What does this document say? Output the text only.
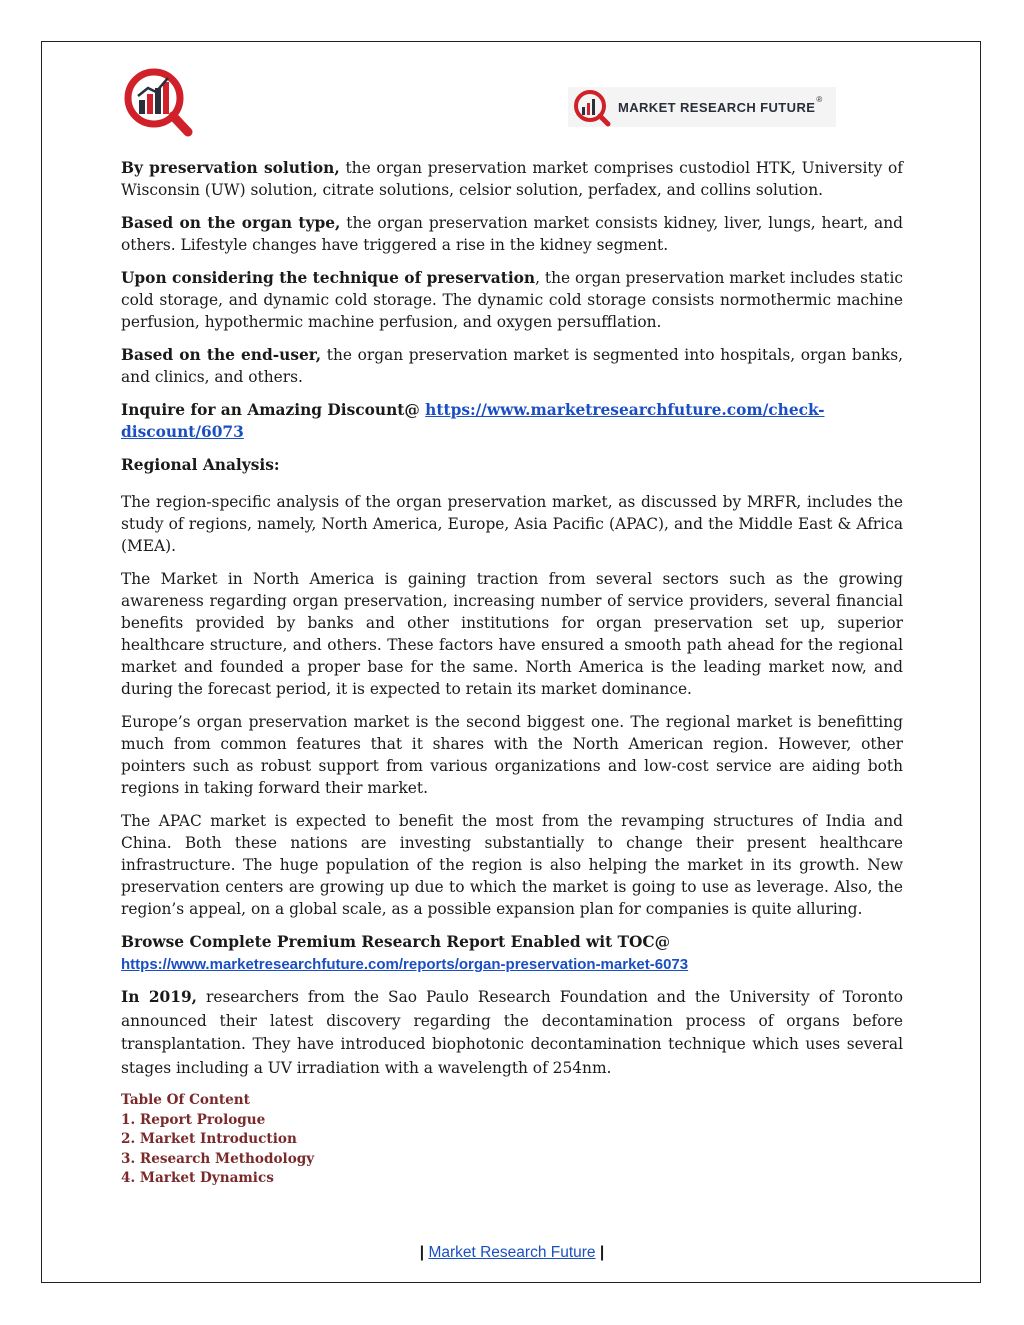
MARKET RESEARCH FUTURE
®

By preservation solution, the organ preservation market comprises custodiol HTK, University of Wisconsin (UW) solution, citrate solutions, celsior solution, perfadex, and collins solution.

Based on the organ type, the organ preservation market consists kidney, liver, lungs, heart, and others. Lifestyle changes have triggered a rise in the kidney segment.

Upon considering the technique of preservation, the organ preservation market includes static cold storage, and dynamic cold storage. The dynamic cold storage consists normothermic machine perfusion, hypothermic machine perfusion, and oxygen persufflation.

Based on the end-user, the organ preservation market is segmented into hospitals, organ banks, and clinics, and others.

Inquire for an Amazing Discount@ https://www.marketresearchfuture.com/check-discount/6073

Regional Analysis:

The region-specific analysis of the organ preservation market, as discussed by MRFR, includes the study of regions, namely, North America, Europe, Asia Pacific (APAC), and the Middle East & Africa (MEA).

The Market in North America is gaining traction from several sectors such as the growing awareness regarding organ preservation, increasing number of service providers, several financial benefits provided by banks and other institutions for organ preservation set up, superior healthcare structure, and others. These factors have ensured a smooth path ahead for the regional market and founded a proper base for the same. North America is the leading market now, and during the forecast period, it is expected to retain its market dominance.

Europe’s organ preservation market is the second biggest one. The regional market is benefitting much from common features that it shares with the North American region. However, other pointers such as robust support from various organizations and low-cost service are aiding both regions in taking forward their market.

The APAC market is expected to benefit the most from the revamping structures of India and China. Both these nations are investing substantially to change their present healthcare infrastructure. The huge population of the region is also helping the market in its growth. New preservation centers are growing up due to which the market is going to use as leverage. Also, the region’s appeal, on a global scale, as a possible expansion plan for companies is quite alluring.

Browse Complete Premium Research Report Enabled wit TOC@
https://www.marketresearchfuture.com/reports/organ-preservation-market-6073

In 2019, researchers from the Sao Paulo Research Foundation and the University of Toronto announced their latest discovery regarding the decontamination process of organs before transplantation. They have introduced biophotonic decontamination technique which uses several stages including a UV irradiation with a wavelength of 254nm.

Table Of Content
1. Report Prologue
2. Market Introduction
3. Research Methodology
4. Market Dynamics
| Market Research Future |
